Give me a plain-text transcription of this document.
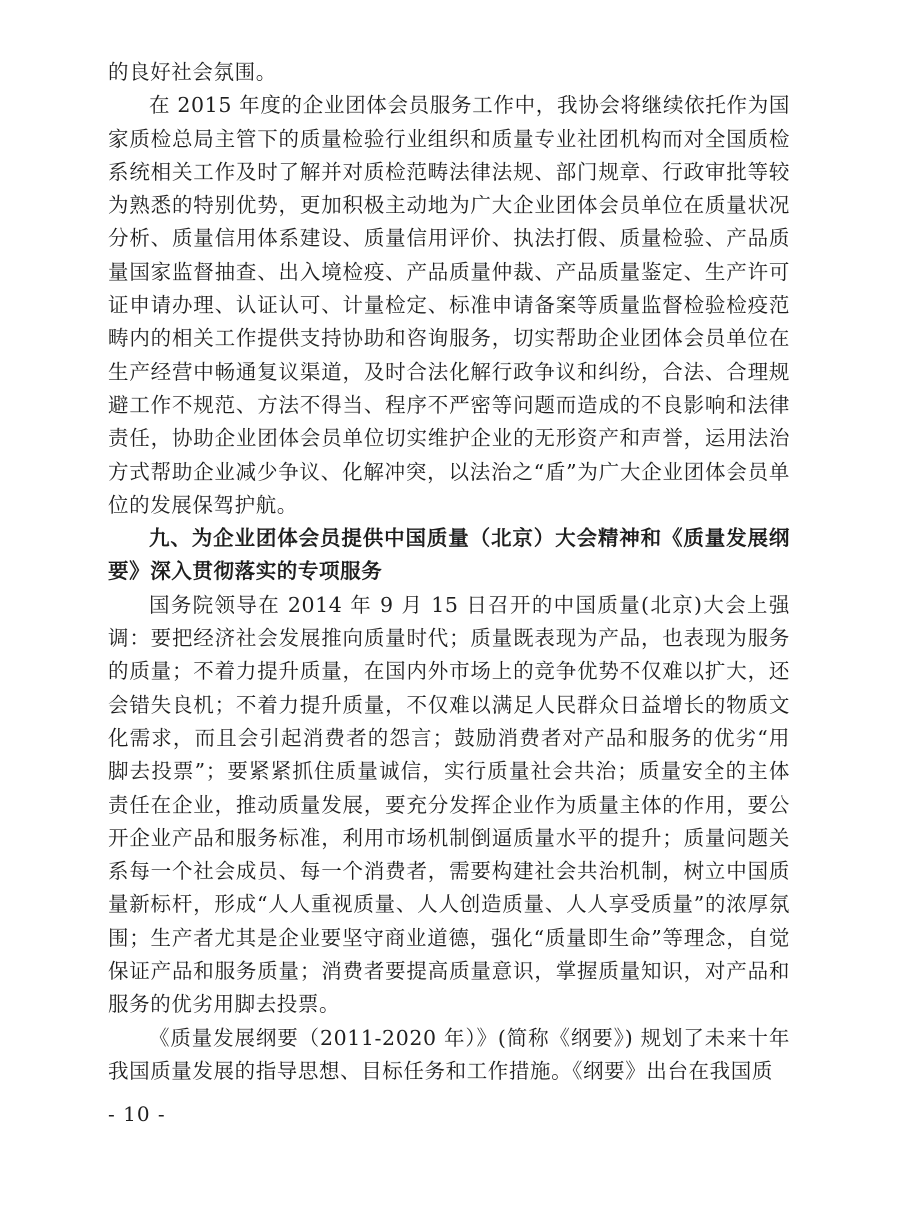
的良好社会氛围。

在 2015 年度的企业团体会员服务工作中，我协会将继续依托作为国家质检总局主管下的质量检验行业组织和质量专业社团机构而对全国质检系统相关工作及时了解并对质检范畴法律法规、部门规章、行政审批等较为熟悉的特别优势，更加积极主动地为广大企业团体会员单位在质量状况分析、质量信用体系建设、质量信用评价、执法打假、质量检验、产品质量国家监督抽查、出入境检疫、产品质量仲裁、产品质量鉴定、生产许可证申请办理、认证认可、计量检定、标准申请备案等质量监督检验检疫范畴内的相关工作提供支持协助和咨询服务，切实帮助企业团体会员单位在生产经营中畅通复议渠道，及时合法化解行政争议和纠纷，合法、合理规避工作不规范、方法不得当、程序不严密等问题而造成的不良影响和法律责任，协助企业团体会员单位切实维护企业的无形资产和声誉，运用法治方式帮助企业减少争议、化解冲突，以法治之“盾”为广大企业团体会员单位的发展保驾护航。

九、为企业团体会员提供中国质量（北京）大会精神和《质量发展纲要》深入贯彻落实的专项服务

国务院领导在 2014 年 9 月 15 日召开的中国质量(北京)大会上强调：要把经济社会发展推向质量时代；质量既表现为产品，也表现为服务的质量；不着力提升质量，在国内外市场上的竞争优势不仅难以扩大，还会错失良机；不着力提升质量，不仅难以满足人民群众日益增长的物质文化需求，而且会引起消费者的怨言；鼓励消费者对产品和服务的优劣“用脚去投票”；要紧紧抓住质量诚信，实行质量社会共治；质量安全的主体责任在企业，推动质量发展，要充分发挥企业作为质量主体的作用，要公开企业产品和服务标准，利用市场机制倒逼质量水平的提升；质量问题关系每一个社会成员、每一个消费者，需要构建社会共治机制，树立中国质量新标杆，形成“人人重视质量、人人创造质量、人人享受质量”的浓厚氛围；生产者尤其是企业要坚守商业道德，强化“质量即生命”等理念，自觉保证产品和服务质量；消费者要提高质量意识，掌握质量知识，对产品和服务的优劣用脚去投票。

《质量发展纲要（2011-2020 年）》(简称《纲要》) 规划了未来十年我国质量发展的指导思想、目标任务和工作措施。《纲要》出台在我国质

- 10 -
